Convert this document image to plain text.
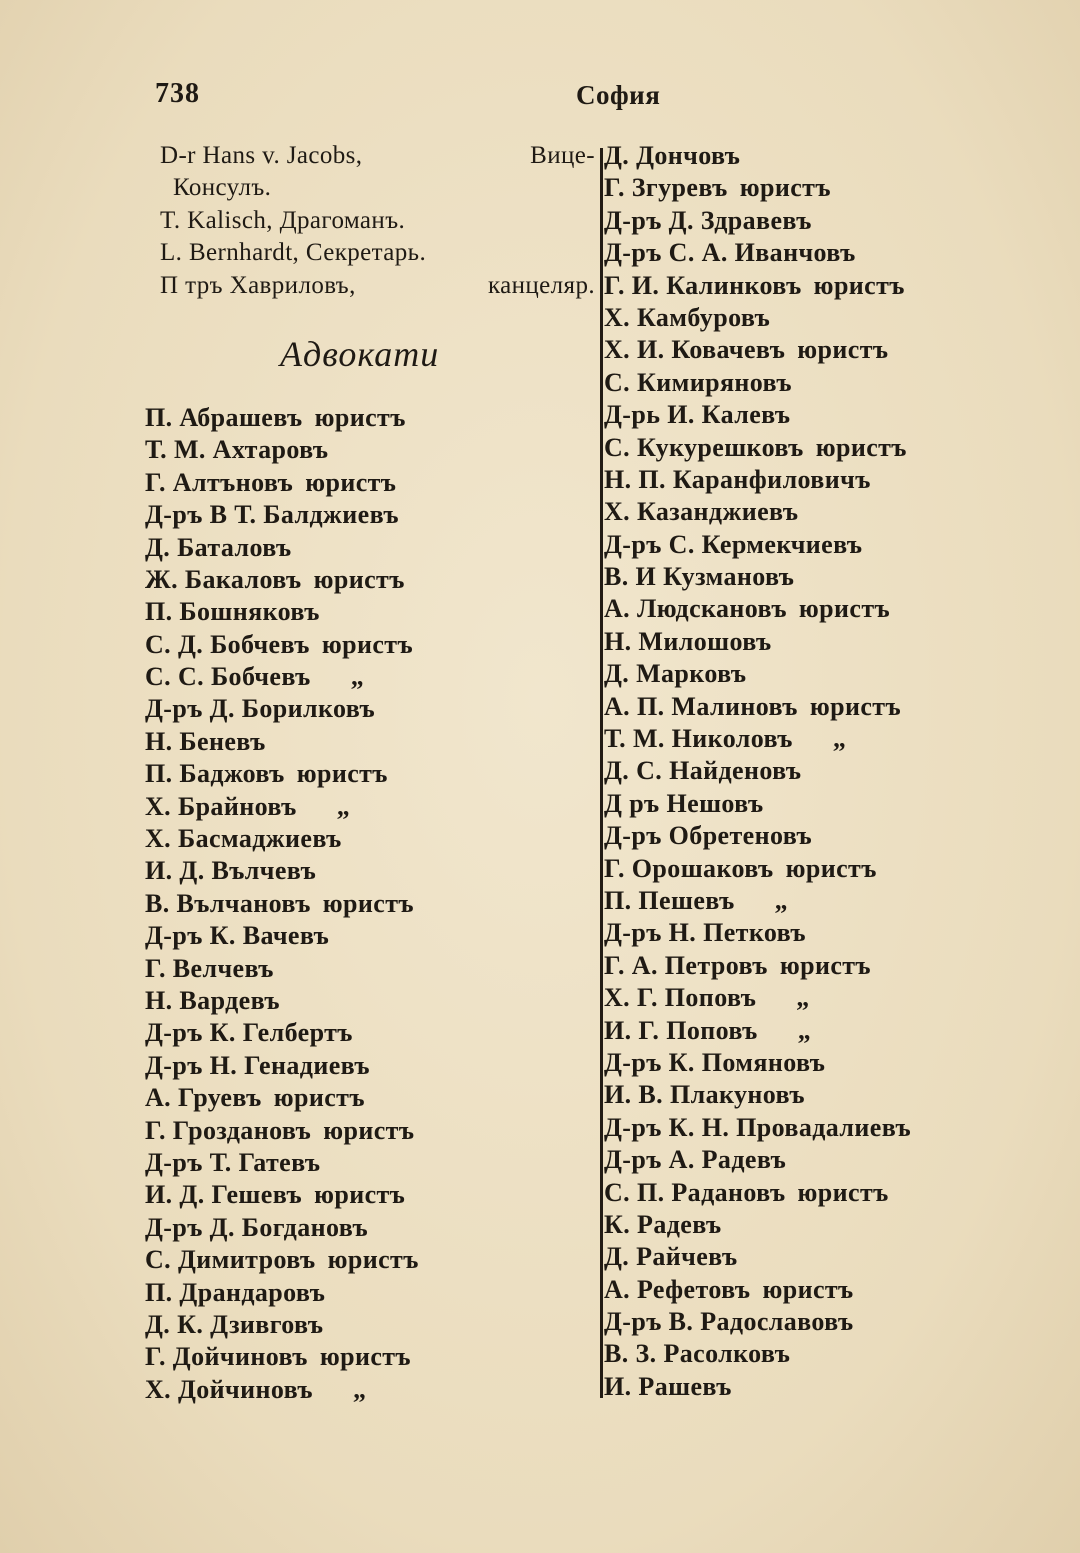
738	София
D-r Hans v. Jacobs,	Вице-
Консулъ.
T. Kalisch, Драгоманъ.
L. Bernhardt, Секретарь.
П тръ Хавриловъ,	канцеляр.
Адвокати
П. Абрашевъ юристъ
Т. М. Ахтаровъ
Г. Алтъновъ юристъ
Д-ръ В Т. Балджиевъ
Д. Баталовъ
Ж. Бакаловъ юристъ
П. Бошняковъ
С. Д. Бобчевъ юристъ
С. С. Бобчевъ „
Д-ръ Д. Борилковъ
Н. Беневъ
П. Баджовъ юристъ
Х. Брайновъ „
Х. Басмаджиевъ
И. Д. Вълчевъ
В. Вълчановъ юристъ
Д-ръ К. Вачевъ
Г. Велчевъ
Н. Вардевъ
Д-ръ К. Гелбертъ
Д-ръ Н. Генадиевъ
А. Груевъ юристъ
Г. Гроздановъ юристъ
Д-ръ Т. Гатевъ
И. Д. Гешевъ юристъ
Д-ръ Д. Богдановъ
С. Димитровъ юристъ
П. Драндаровъ
Д. К. Дзивговъ
Г. Дойчиновъ юристъ
Х. Дойчиновъ „
Д. Дончовъ
Г. Згуревъ юристъ
Д-ръ Д. Здравевъ
Д-ръ С. А. Иванчовъ
Г. И. Калинковъ юристъ
Х. Камбуровъ
Х. И. Ковачевъ юристъ
С. Кимиряновъ
Д-рь И. Калевъ
С. Кукурешковъ юристъ
Н. П. Каранфиловичъ
Х. Казанджиевъ
Д-ръ С. Кермекчиевъ
В. И Кузмановъ
А. Людскановъ юристъ
Н. Милошовъ
Д. Марковъ
А. П. Малиновъ юристъ
Т. М. Николовъ „
Д. С. Найденовъ
Д ръ Нешовъ
Д-ръ Обретеновъ
Г. Орошаковъ юристъ
П. Пешевъ „
Д-ръ Н. Петковъ
Г. А. Петровъ юристъ
Х. Г. Поповъ „
И. Г. Поповъ „
Д-ръ К. Помяновъ
И. В. Плакуновъ
Д-ръ К. Н. Провадалиевъ
Д-ръ А. Радевъ
С. П. Радановъ юристъ
К. Радевъ
Д. Райчевъ
А. Рефетовъ юристъ
Д-ръ В. Радославовъ
В. З. Расолковъ
И. Рашевъ
